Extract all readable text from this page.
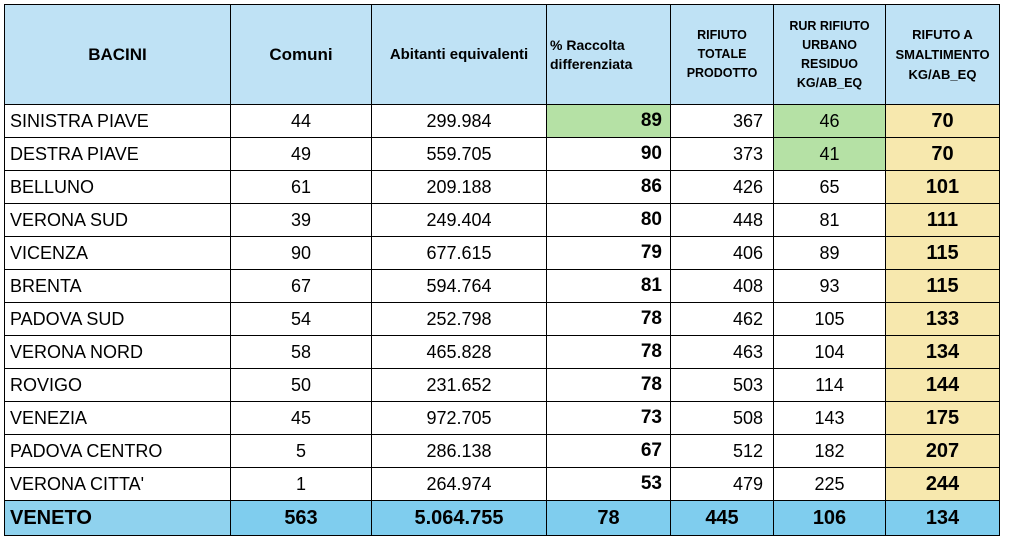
BACINI	Comuni	Abitanti equivalenti	% Raccolta differenziata	RIFIUTO TOTALE PRODOTTO	RUR RIFIUTO URBANO RESIDUO KG/AB_EQ	RIFUTO A SMALTIMENTO KG/AB_EQ
SINISTRA PIAVE	44	299.984	89	367	46	70
DESTRA PIAVE	49	559.705	90	373	41	70
BELLUNO	61	209.188	86	426	65	101
VERONA SUD	39	249.404	80	448	81	111
VICENZA	90	677.615	79	406	89	115
BRENTA	67	594.764	81	408	93	115
PADOVA SUD	54	252.798	78	462	105	133
VERONA NORD	58	465.828	78	463	104	134
ROVIGO	50	231.652	78	503	114	144
VENEZIA	45	972.705	73	508	143	175
PADOVA CENTRO	5	286.138	67	512	182	207
VERONA CITTA'	1	264.974	53	479	225	244
VENETO	563	5.064.755	78	445	106	134
